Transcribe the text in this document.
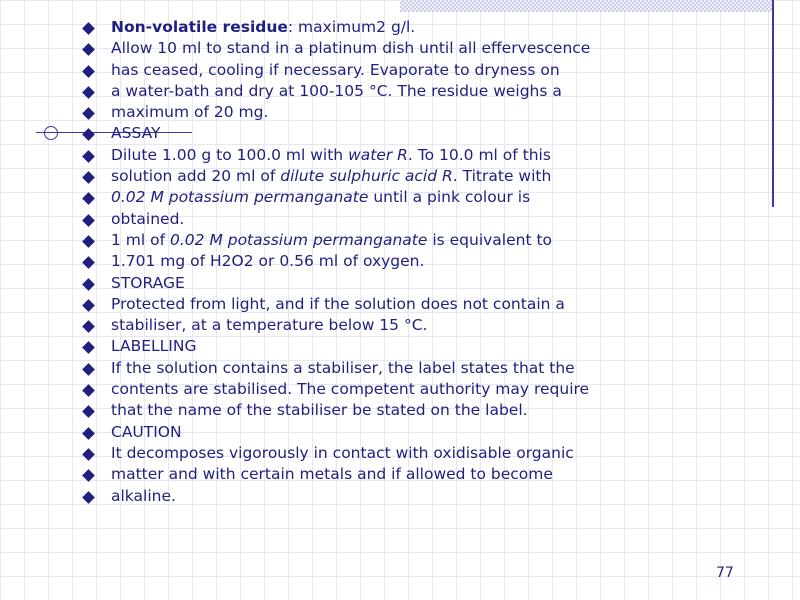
Non-volatile residue: maximum2 g/l.
Allow 10 ml to stand in a platinum dish until all effervescence
has ceased, cooling if necessary. Evaporate to dryness on
a water-bath and dry at 100-105 °C. The residue weighs a
maximum of 20 mg.
ASSAY
Dilute 1.00 g to 100.0 ml with water R. To 10.0 ml of this
solution add 20 ml of dilute sulphuric acid R. Titrate with
0.02 M potassium permanganate until a pink colour is
obtained.
1 ml of 0.02 M potassium permanganate is equivalent to
1.701 mg of H2O2 or 0.56 ml of oxygen.
STORAGE
Protected from light, and if the solution does not contain a
stabiliser, at a temperature below 15 °C.
LABELLING
If the solution contains a stabiliser, the label states that the
contents are stabilised. The competent authority may require
that the name of the stabiliser be stated on the label.
CAUTION
It decomposes vigorously in contact with oxidisable organic
matter and with certain metals and if allowed to become
alkaline.
77
